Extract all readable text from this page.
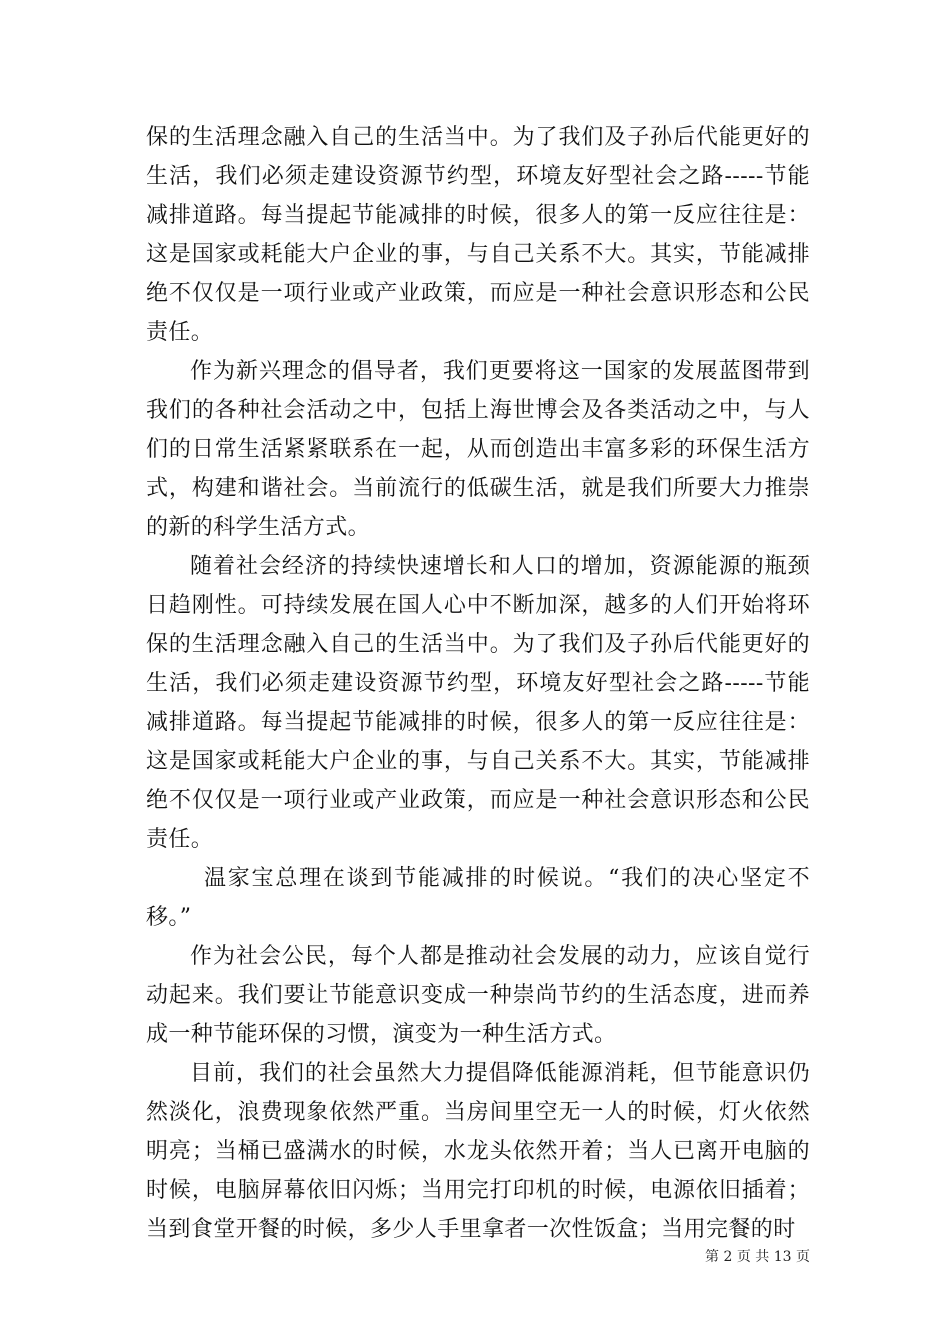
保的生活理念融入自己的生活当中。为了我们及子孙后代能更好的生活，我们必须走建设资源节约型，环境友好型社会之路-----节能减排道路。每当提起节能减排的时候，很多人的第一反应往往是：这是国家或耗能大户企业的事，与自己关系不大。其实，节能减排绝不仅仅是一项行业或产业政策，而应是一种社会意识形态和公民责任。

作为新兴理念的倡导者，我们更要将这一国家的发展蓝图带到我们的各种社会活动之中，包括上海世博会及各类活动之中，与人们的日常生活紧紧联系在一起，从而创造出丰富多彩的环保生活方式，构建和谐社会。当前流行的低碳生活，就是我们所要大力推崇的新的科学生活方式。

随着社会经济的持续快速增长和人口的增加，资源能源的瓶颈日趋刚性。可持续发展在国人心中不断加深，越多的人们开始将环保的生活理念融入自己的生活当中。为了我们及子孙后代能更好的生活，我们必须走建设资源节约型，环境友好型社会之路-----节能减排道路。每当提起节能减排的时候，很多人的第一反应往往是：这是国家或耗能大户企业的事，与自己关系不大。其实，节能减排绝不仅仅是一项行业或产业政策，而应是一种社会意识形态和公民责任。

温家宝总理在谈到节能减排的时候说。“我们的决心坚定不移。”

作为社会公民，每个人都是推动社会发展的动力，应该自觉行动起来。我们要让节能意识变成一种崇尚节约的生活态度，进而养成一种节能环保的习惯，演变为一种生活方式。

目前，我们的社会虽然大力提倡降低能源消耗，但节能意识仍然淡化，浪费现象依然严重。当房间里空无一人的时候，灯火依然明亮；当桶已盛满水的时候，水龙头依然开着；当人已离开电脑的时候，电脑屏幕依旧闪烁；当用完打印机的时候，电源依旧插着；当到食堂开餐的时候，多少人手里拿者一次性饭盒；当用完餐的时

第 2 页 共 13 页
